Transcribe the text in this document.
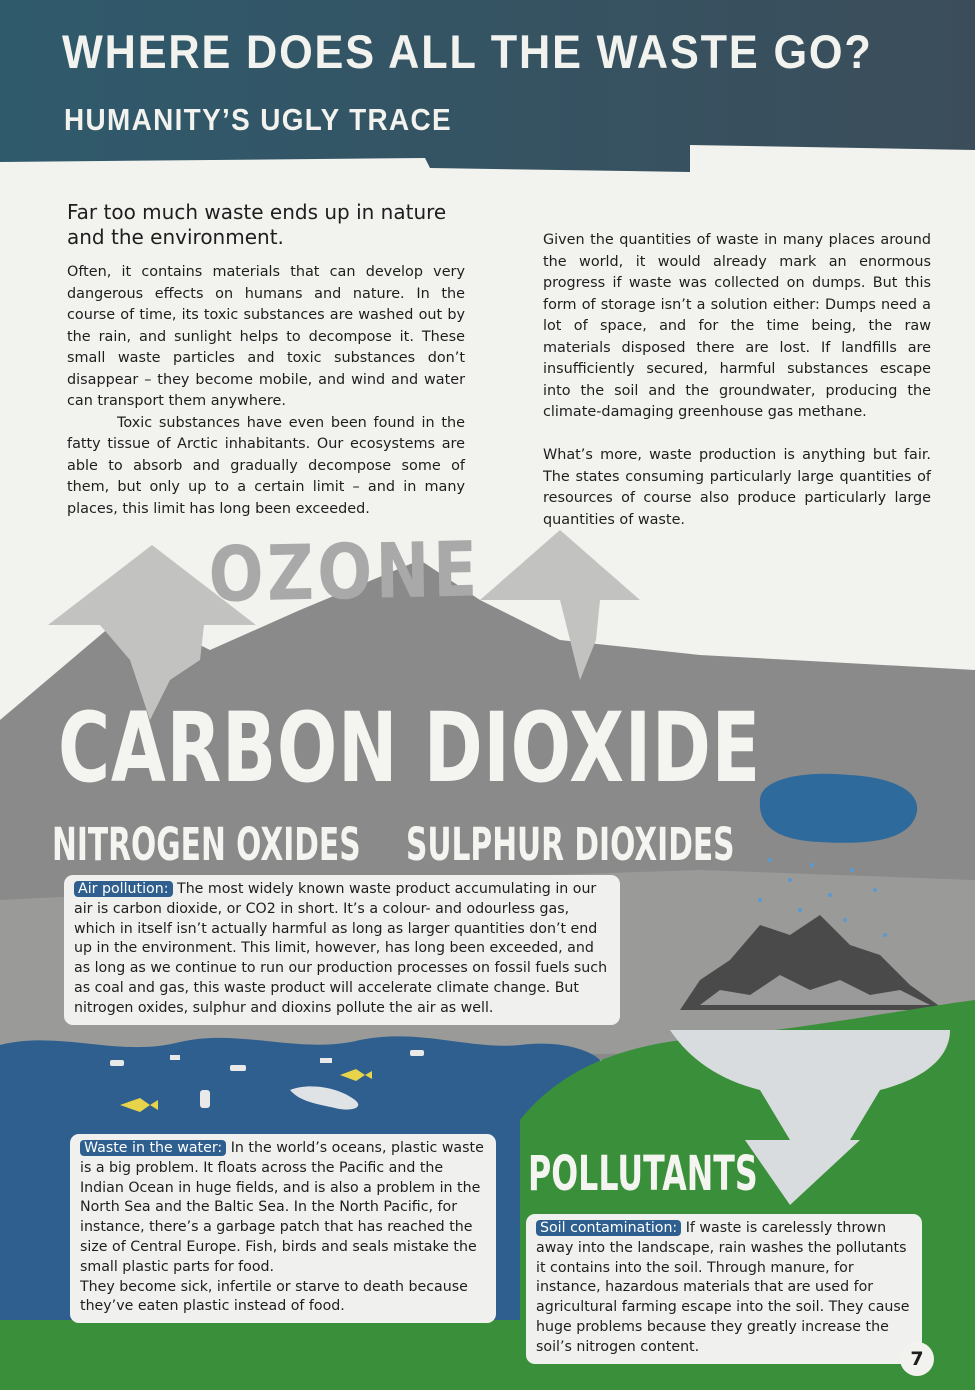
WHERE DOES ALL THE WASTE GO?
HUMANITY’S UGLY TRACE
Far too much waste ends up in nature and the environment.

Often, it contains materials that can develop very dangerous effects on humans and nature. In the course of time, its toxic substances are washed out by the rain, and sunlight helps to decompose it. These small waste particles and toxic substances don’t disappear – they become mobile, and wind and water can transport them anywhere.

Toxic substances have even been found in the fatty tissue of Arctic inhabitants. Our ecosystems are able to absorb and gradually decompose some of them, but only up to a certain limit – and in many places, this limit has long been exceeded.

Given the quantities of waste in many places around the world, it would already mark an enormous progress if waste was collected on dumps. But this form of storage isn’t a solution either: Dumps need a lot of space, and for the time being, the raw materials disposed there are lost. If landfills are insufficiently secured, harmful substances escape into the soil and the groundwater, producing the climate-damaging greenhouse gas methane.

What’s more, waste production is anything but fair. The states consuming particularly large quantities of resources of course also produce particularly large quantities of waste.

OZONE
CARBON DIOXIDE
NITROGEN OXIDES SULPHUR DIOXIDES
POLLUTANTS

Air pollution: The most widely known waste product accumulating in our air is carbon dioxide, or CO2 in short. It’s a colour- and odourless gas, which in itself isn’t actually harmful as long as larger quantities don’t end up in the environment. This limit, however, has long been exceeded, and as long as we continue to run our production processes on fossil fuels such as coal and gas, this waste product will accelerate climate change. But nitrogen oxides, sulphur and dioxins pollute the air as well.

Waste in the water: In the world’s oceans, plastic waste is a big problem. It floats across the Pacific and the Indian Ocean in huge fields, and is also a problem in the North Sea and the Baltic Sea. In the North Pacific, for instance, there’s a garbage patch that has reached the size of Central Europe. Fish, birds and seals mistake the small plastic parts for food.

They become sick, infertile or starve to death because they’ve eaten plastic instead of food.

Soil contamination: If waste is carelessly thrown away into the landscape, rain washes the pollutants it contains into the soil. Through manure, for instance, hazardous materials that are used for agricultural farming escape into the soil. They cause huge problems because they greatly increase the soil’s nitrogen content.

7
